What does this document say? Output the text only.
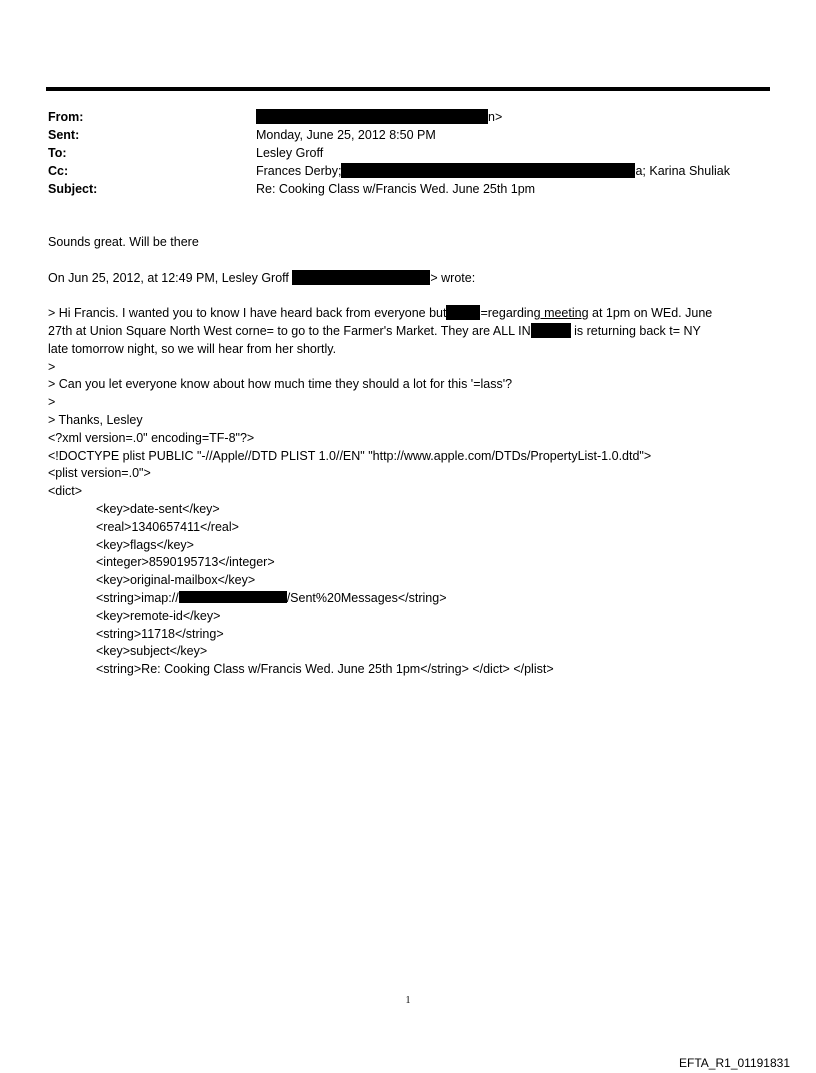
From:	n>
Sent:	Monday, June 25, 2012 8:50 PM
To:	Lesley Groff
Cc:	Frances Derby;	a; Karina Shuliak
Subject:	Re: Cooking Class w/Francis Wed. June 25th 1pm

Sounds great. Will be there

On Jun 25, 2012, at 12:49 PM, Lesley Groff	> wrote:

> Hi Francis. I wanted you to know I have heard back from everyone but	=regarding meeting at 1pm on WEd. June
27th at Union Square North West corne= to go to the Farmer's Market. They are ALL IN	is returning back t= NY
late tomorrow night, so we will hear from her shortly.

>

> Can you let everyone know about how much time they should a lot for this '=lass'?

>

> Thanks, Lesley

<?xml version=.0" encoding=TF-8"?>

<!DOCTYPE plist PUBLIC "-//Apple//DTD PLIST 1.0//EN" "http://www.apple.com/DTDs/PropertyList-1.0.dtd">

<plist version=.0">

<dict>

<key>date-sent</key>

<real>1340657411</real>

<key>flags</key>

<integer>8590195713</integer>

<key>original-mailbox</key>

<string>imap://	/Sent%20Messages</string>

<key>remote-id</key>

<string>11718</string>

<key>subject</key>

<string>Re: Cooking Class w/Francis Wed. June 25th 1pm</string> </dict> </plist>

1
EFTA_R1_01191831
